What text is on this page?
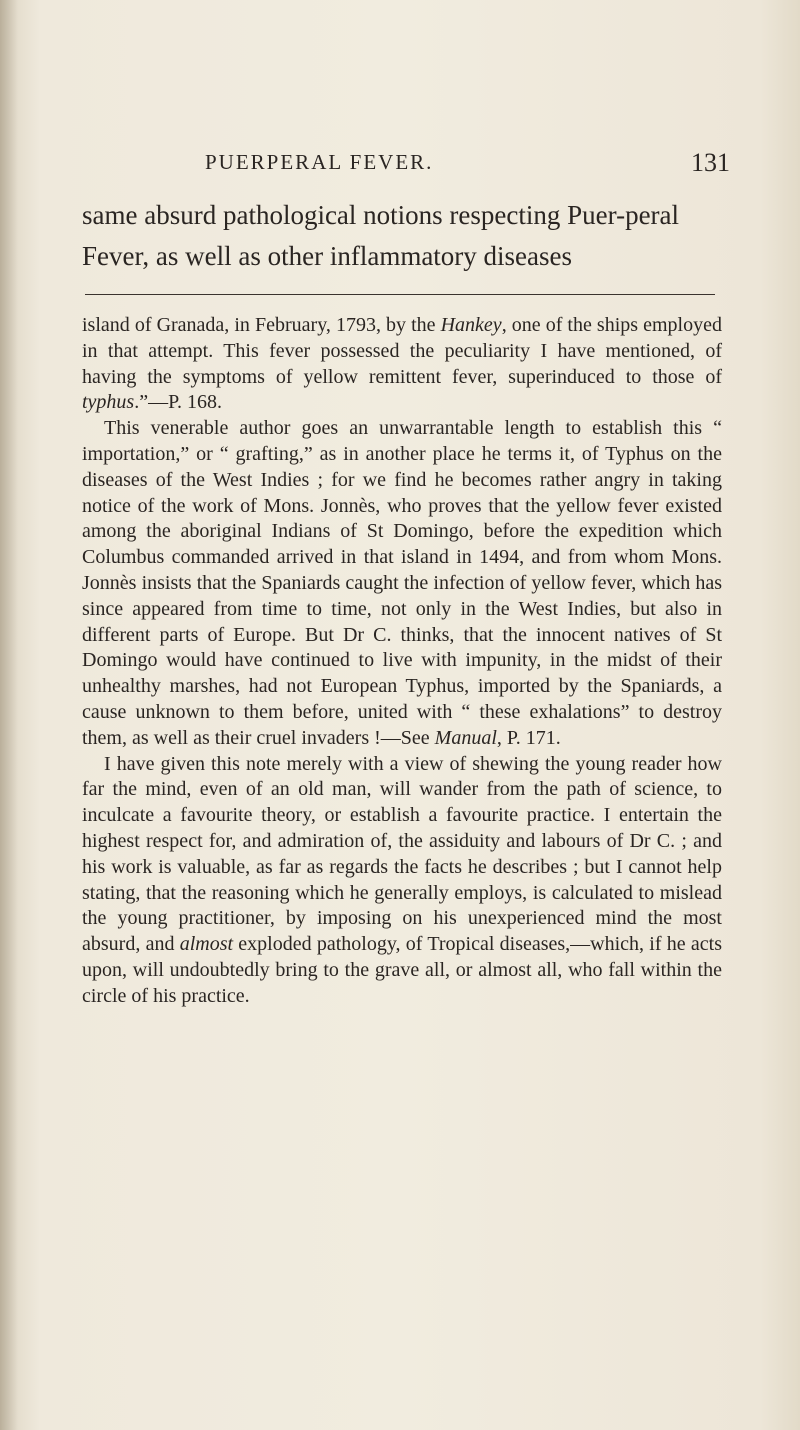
PUERPERAL FEVER.	131
same absurd pathological notions respecting Puer-peral Fever, as well as other inflammatory diseases

island of Granada, in February, 1793, by the Hankey, one of the ships employed in that attempt. This fever possessed the peculiarity I have mentioned, of having the symptoms of yellow remittent fever, superinduced to those of typhus.”—P. 168.

This venerable author goes an unwarrantable length to establish this “ importation,” or “ grafting,” as in another place he terms it, of Typhus on the diseases of the West Indies ; for we find he becomes rather angry in taking notice of the work of Mons. Jonnès, who proves that the yellow fever existed among the aboriginal Indians of St Domingo, before the expedition which Columbus commanded arrived in that island in 1494, and from whom Mons. Jonnès insists that the Spaniards caught the infection of yellow fever, which has since appeared from time to time, not only in the West Indies, but also in different parts of Europe. But Dr C. thinks, that the innocent natives of St Domingo would have continued to live with impunity, in the midst of their unhealthy marshes, had not European Typhus, imported by the Spaniards, a cause unknown to them before, united with “ these exhalations” to destroy them, as well as their cruel invaders !—See Manual, P. 171.

I have given this note merely with a view of shewing the young reader how far the mind, even of an old man, will wander from the path of science, to inculcate a favourite theory, or establish a favourite practice. I entertain the highest respect for, and admiration of, the assiduity and labours of Dr C. ; and his work is valuable, as far as regards the facts he describes ; but I cannot help stating, that the reasoning which he generally employs, is calculated to mislead the young practitioner, by imposing on his unexperienced mind the most absurd, and almost exploded pathology, of Tropical diseases,—which, if he acts upon, will undoubtedly bring to the grave all, or almost all, who fall within the circle of his practice.
